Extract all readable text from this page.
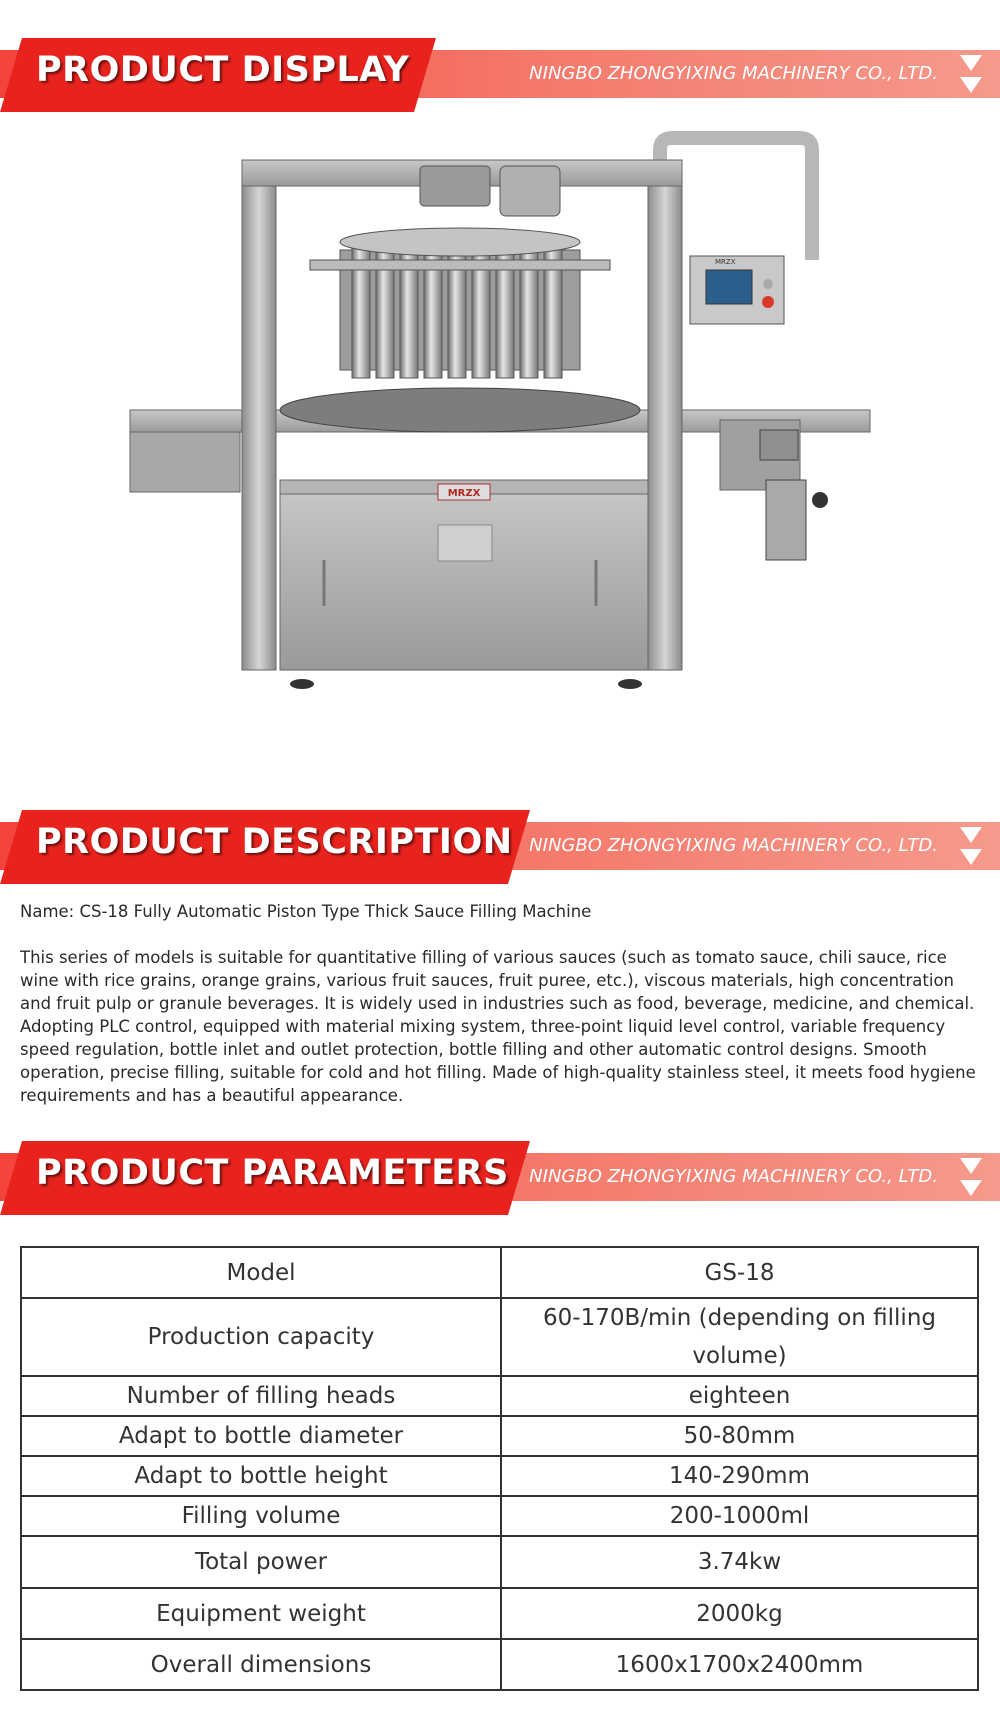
PRODUCT DISPLAY	NINGBO ZHONGYIXING MACHINERY CO., LTD.
MRZX
MRZX
PRODUCT DESCRIPTION NINGBO ZHONGYIXING MACHINERY CO., LTD.

Name: CS-18 Fully Automatic Piston Type Thick Sauce Filling Machine

This series of models is suitable for quantitative filling of various sauces (such as tomato sauce, chili sauce, rice wine with rice grains, orange grains, various fruit sauces, fruit puree, etc.), viscous materials, high concentration and fruit pulp or granule beverages. It is widely used in industries such as food, beverage, medicine, and chemical. Adopting PLC control, equipped with material mixing system, three-point liquid level control, variable frequency speed regulation, bottle inlet and outlet protection, bottle filling and other automatic control designs. Smooth operation, precise filling, suitable for cold and hot filling. Made of high-quality stainless steel, it meets food hygiene requirements and has a beautiful appearance.

PRODUCT PARAMETERS NINGBO ZHONGYIXING MACHINERY CO., LTD.
Model	GS-18
Production capacity	60-170B/min (depending on filling volume)
Number of filling heads	eighteen
Adapt to bottle diameter	50-80mm
Adapt to bottle height	140-290mm
Filling volume	200-1000ml
Total power	3.74kw
Equipment weight	2000kg
Overall dimensions	1600x1700x2400mm
